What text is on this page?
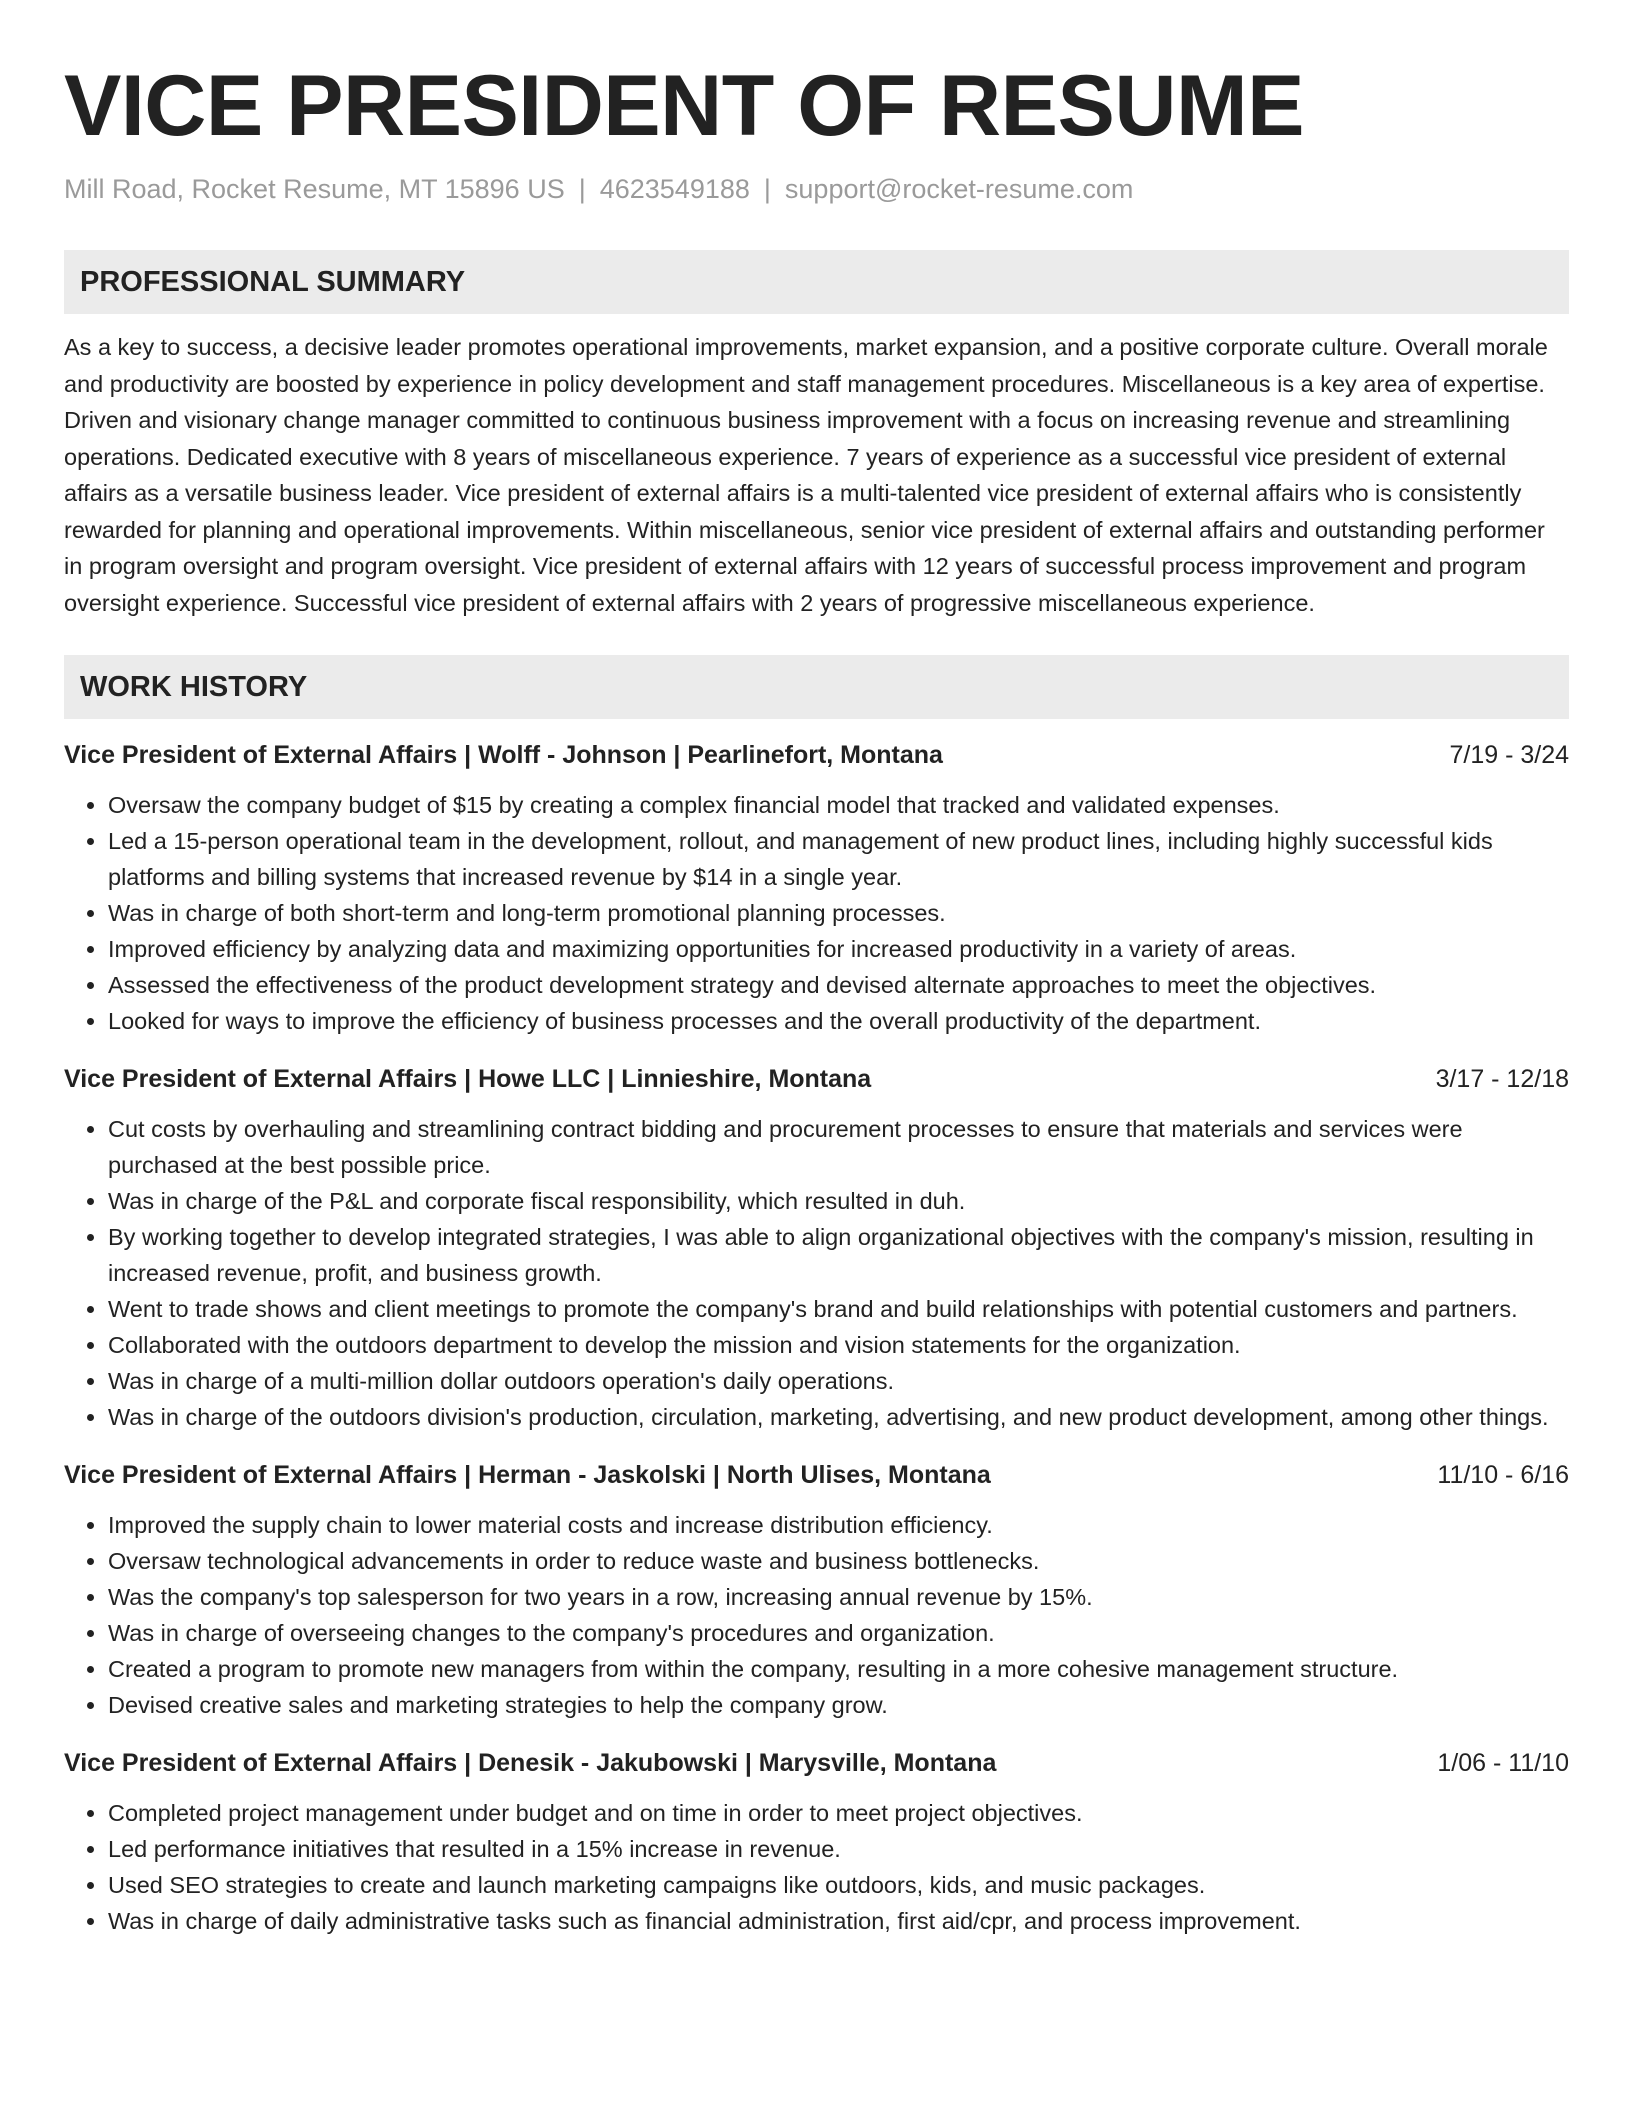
VICE PRESIDENT OF RESUME
Mill Road, Rocket Resume, MT 15896 US | 4623549188 | support@rocket-resume.com
PROFESSIONAL SUMMARY

As a key to success, a decisive leader promotes operational improvements, market expansion, and a positive corporate culture. Overall morale and productivity are boosted by experience in policy development and staff management procedures. Miscellaneous is a key area of expertise. Driven and visionary change manager committed to continuous business improvement with a focus on increasing revenue and streamlining operations. Dedicated executive with 8 years of miscellaneous experience. 7 years of experience as a successful vice president of external affairs as a versatile business leader. Vice president of external affairs is a multi-talented vice president of external affairs who is consistently rewarded for planning and operational improvements. Within miscellaneous, senior vice president of external affairs and outstanding performer in program oversight and program oversight. Vice president of external affairs with 12 years of successful process improvement and program oversight experience. Successful vice president of external affairs with 2 years of progressive miscellaneous experience.

WORK HISTORY
Vice President of External Affairs | Wolff - Johnson | Pearlinefort, Montana	7/19 - 3/24
• Oversaw the company budget of $15 by creating a complex financial model that tracked and validated expenses.
• Led a 15-person operational team in the development, rollout, and management of new product lines, including highly successful kids platforms and billing systems that increased revenue by $14 in a single year.
• Was in charge of both short-term and long-term promotional planning processes.
• Improved efficiency by analyzing data and maximizing opportunities for increased productivity in a variety of areas.
• Assessed the effectiveness of the product development strategy and devised alternate approaches to meet the objectives.
• Looked for ways to improve the efficiency of business processes and the overall productivity of the department.
Vice President of External Affairs | Howe LLC | Linnieshire, Montana	3/17 - 12/18
• Cut costs by overhauling and streamlining contract bidding and procurement processes to ensure that materials and services were purchased at the best possible price.
• Was in charge of the P&L and corporate fiscal responsibility, which resulted in duh.
• By working together to develop integrated strategies, I was able to align organizational objectives with the company's mission, resulting in increased revenue, profit, and business growth.
• Went to trade shows and client meetings to promote the company's brand and build relationships with potential customers and partners.
• Collaborated with the outdoors department to develop the mission and vision statements for the organization.
• Was in charge of a multi-million dollar outdoors operation's daily operations.
• Was in charge of the outdoors division's production, circulation, marketing, advertising, and new product development, among other things.
Vice President of External Affairs | Herman - Jaskolski | North Ulises, Montana	11/10 - 6/16
• Improved the supply chain to lower material costs and increase distribution efficiency.
• Oversaw technological advancements in order to reduce waste and business bottlenecks.
• Was the company's top salesperson for two years in a row, increasing annual revenue by 15%.
• Was in charge of overseeing changes to the company's procedures and organization.
• Created a program to promote new managers from within the company, resulting in a more cohesive management structure.
• Devised creative sales and marketing strategies to help the company grow.
Vice President of External Affairs | Denesik - Jakubowski | Marysville, Montana	1/06 - 11/10
• Completed project management under budget and on time in order to meet project objectives.
• Led performance initiatives that resulted in a 15% increase in revenue.
• Used SEO strategies to create and launch marketing campaigns like outdoors, kids, and music packages.
• Was in charge of daily administrative tasks such as financial administration, first aid/cpr, and process improvement.
